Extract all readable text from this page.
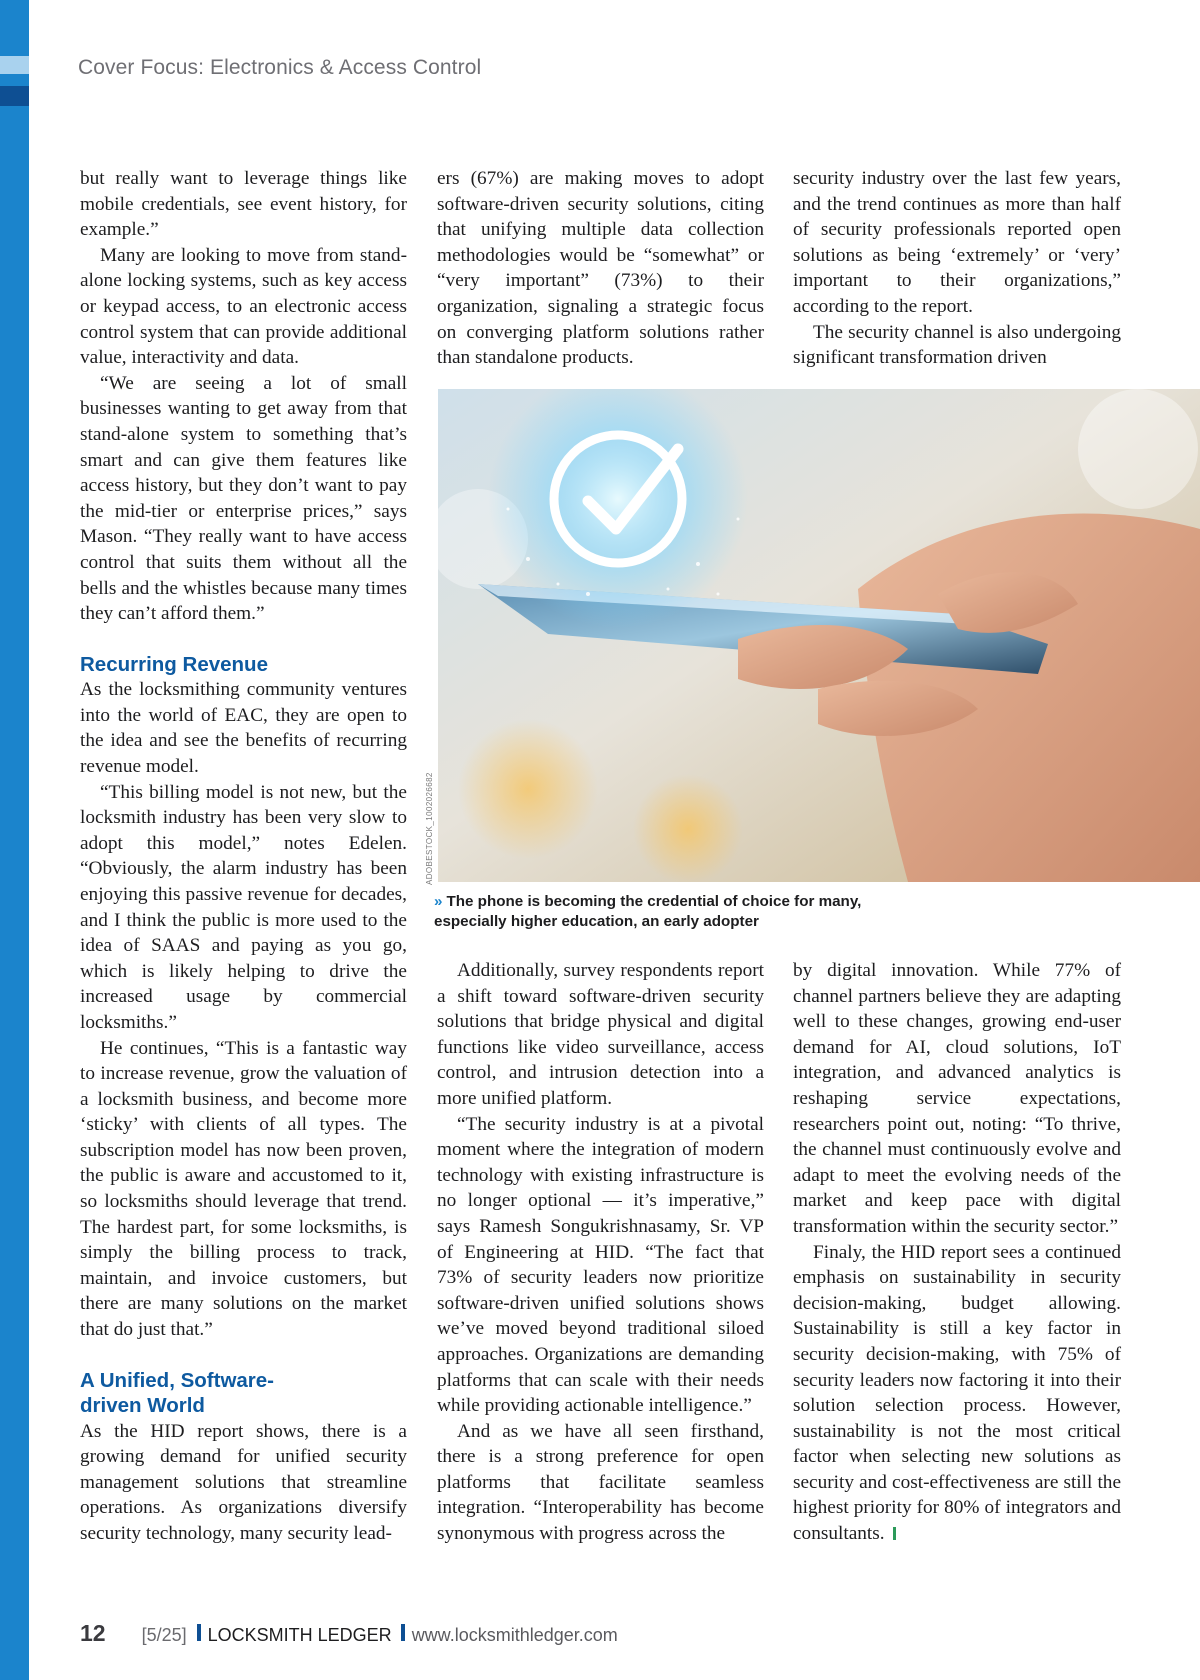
Cover Focus: Electronics & Access Control

but really want to leverage things like mobile credentials, see event history, for example.”

Many are looking to move from stand-alone locking systems, such as key access or keypad access, to an electronic access control system that can provide additional value, interactivity and data.

“We are seeing a lot of small businesses wanting to get away from that stand-alone system to something that’s smart and can give them features like access history, but they don’t want to pay the mid-tier or enterprise prices,” says Mason. “They really want to have access control that suits them without all the bells and the whistles because many times they can’t afford them.”

Recurring Revenue

As the locksmithing community ventures into the world of EAC, they are open to the idea and see the benefits of recurring revenue model.

“This billing model is not new, but the locksmith industry has been very slow to adopt this model,” notes Edelen. “Obviously, the alarm industry has been enjoying this passive revenue for decades, and I think the public is more used to the idea of SAAS and paying as you go, which is likely helping to drive the increased usage by commercial locksmiths.”

He continues, “This is a fantastic way to increase revenue, grow the valuation of a locksmith business, and become more ‘sticky’ with clients of all types. The subscription model has now been proven, the public is aware and accustomed to it, so locksmiths should leverage that trend. The hardest part, for some locksmiths, is simply the billing process to track, maintain, and invoice customers, but there are many solutions on the market that do just that.”

A Unified, Software-
driven World

As the HID report shows, there is a growing demand for unified security management solutions that streamline operations. As organizations diversify security technology, many security lead-

ers (67%) are making moves to adopt software-driven security solutions, citing that unifying multiple data collection methodologies would be “somewhat” or “very important” (73%) to their organization, signaling a strategic focus on converging platform solutions rather than standalone products.

security industry over the last few years, and the trend continues as more than half of security professionals reported open solutions as being ‘extremely’ or ‘very’ important to their organizations,” according to the report.

The security channel is also undergoing significant transformation driven

ADOBESTOCK_1002026682
» The phone is becoming the credential of choice for many, especially higher education, an early adopter

Additionally, survey respondents report a shift toward software-driven security solutions that bridge physical and digital functions like video surveillance, access control, and intrusion detection into a more unified platform.

“The security industry is at a pivotal moment where the integration of modern technology with existing infrastructure is no longer optional — it’s imperative,” says Ramesh Songukrishnasamy, Sr. VP of Engineering at HID. “The fact that 73% of security leaders now prioritize software-driven unified solutions shows we’ve moved beyond traditional siloed approaches. Organizations are demanding platforms that can scale with their needs while providing actionable intelligence.”

And as we have all seen firsthand, there is a strong preference for open platforms that facilitate seamless integration. “Interoperability has become synonymous with progress across the

by digital innovation. While 77% of channel partners believe they are adapting well to these changes, growing end-user demand for AI, cloud solutions, IoT integration, and advanced analytics is reshaping service expectations, researchers point out, noting: “To thrive, the channel must continuously evolve and adapt to meet the evolving needs of the market and keep pace with digital transformation within the security sector.”

Finaly, the HID report sees a continued emphasis on sustainability in security decision-making, budget allowing. Sustainability is still a key factor in security decision-making, with 75% of security leaders now factoring it into their solution selection process. However, sustainability is not the most critical factor when selecting new solutions as security and cost-effectiveness are still the highest priority for 80% of integrators and consultants.

12 [5/25] LOCKSMITH LEDGER www.locksmithledger.com
